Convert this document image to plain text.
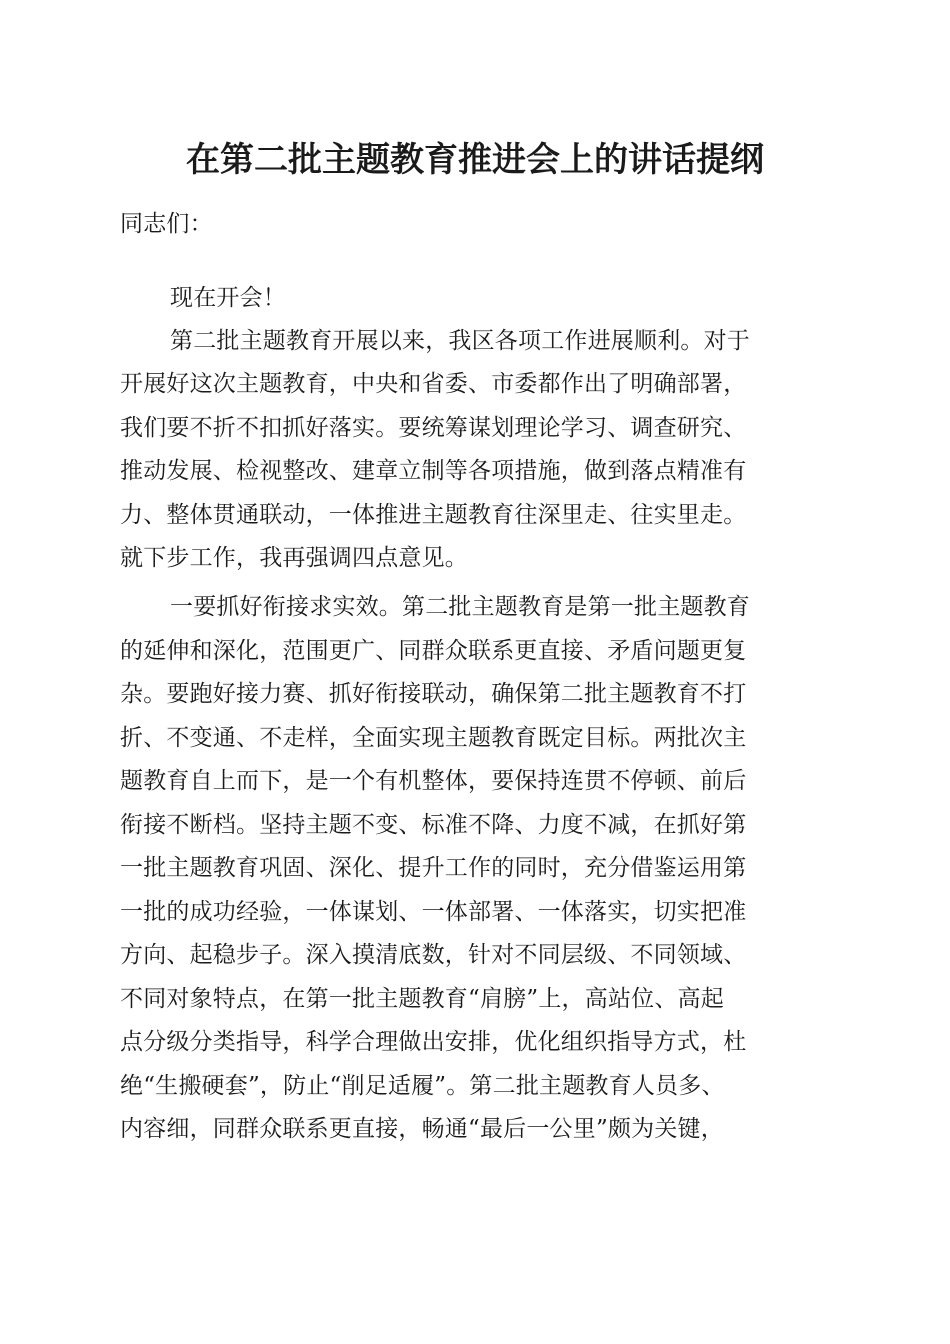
在第二批主题教育推进会上的讲话提纲
同志们：
现在开会！
第二批主题教育开展以来，我区各项工作进展顺利。对于
开展好这次主题教育，中央和省委、市委都作出了明确部署，
我们要不折不扣抓好落实。要统筹谋划理论学习、调查研究、
推动发展、检视整改、建章立制等各项措施，做到落点精准有
力、整体贯通联动，一体推进主题教育往深里走、往实里走。
就下步工作，我再强调四点意见。
一要抓好衔接求实效。第二批主题教育是第一批主题教育
的延伸和深化，范围更广、同群众联系更直接、矛盾问题更复
杂。要跑好接力赛、抓好衔接联动，确保第二批主题教育不打
折、不变通、不走样，全面实现主题教育既定目标。两批次主
题教育自上而下，是一个有机整体，要保持连贯不停顿、前后
衔接不断档。坚持主题不变、标准不降、力度不减，在抓好第
一批主题教育巩固、深化、提升工作的同时，充分借鉴运用第
一批的成功经验，一体谋划、一体部署、一体落实，切实把准
方向、起稳步子。深入摸清底数，针对不同层级、不同领域、
不同对象特点，在第一批主题教育“肩膀”上，高站位、高起
点分级分类指导，科学合理做出安排，优化组织指导方式，杜
绝“生搬硬套”，防止“削足适履”。第二批主题教育人员多、
内容细，同群众联系更直接，畅通“最后一公里”颇为关键，
